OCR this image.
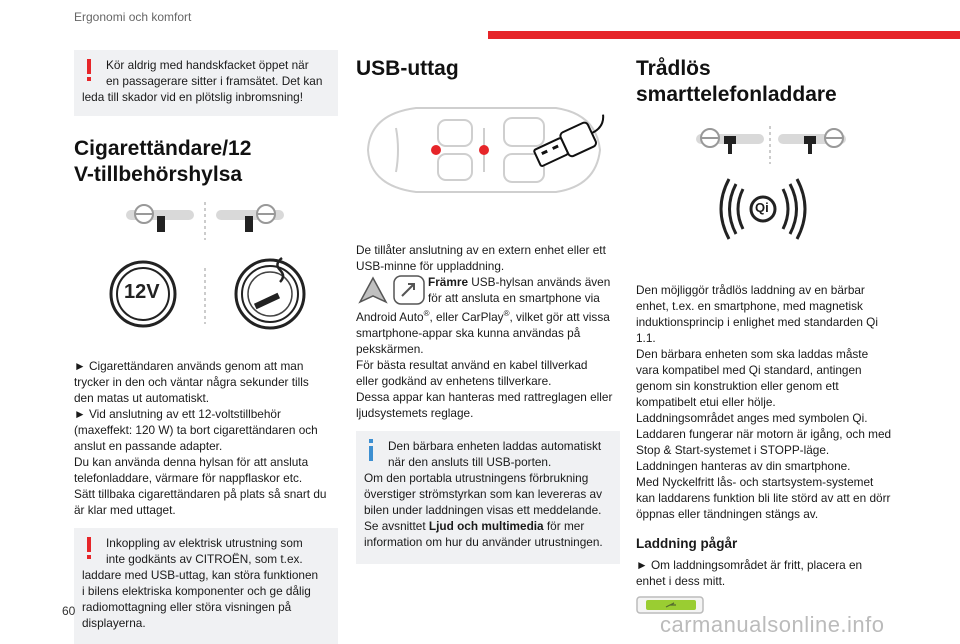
Ergonomi och komfort
Kör aldrig med handskfacket öppet när
en passagerare sitter i framsätet. Det kan
leda till skador vid en plötslig inbromsning!
Cigarettändare/12
V-tillbehörshylsa
12V

► Cigarettändaren används genom att man

trycker in den och väntar några sekunder tills

den matas ut automatiskt.

► Vid anslutning av ett 12-voltstillbehör

(maxeffekt: 120 W) ta bort cigarettändaren och

anslut en passande adapter.

Du kan använda denna hylsan för att ansluta

telefonladdare, värmare för nappflaskor etc.

Sätt tillbaka cigarettändaren på plats så snart du

är klar med uttaget.

Inkoppling av elektrisk utrustning som
inte godkänts av CITROËN, som t.ex.
laddare med USB-uttag, kan störa funktionen
i bilens elektriska komponenter och ge dålig
radiomottagning eller störa visningen på
displayerna.
USB-uttag

De tillåter anslutning av en extern enhet eller ett

USB-minne för uppladdning.

Främre USB-hylsan används även

för att ansluta en smartphone via

Android Auto®, eller CarPlay®, vilket gör att vissa

smartphone-appar ska kunna användas på

pekskärmen.

För bästa resultat använd en kabel tillverkad

eller godkänd av enhetens tillverkare.

Dessa appar kan hanteras med rattreglagen eller

ljudsystemets reglage.

Den bärbara enheten laddas automatiskt
när den ansluts till USB-porten.
Om den portabla utrustningens förbrukning
överstiger strömstyrkan som kan levereras av
bilen under laddningen visas ett meddelande.
Se avsnittet Ljud och multimedia för mer
information om hur du använder utrustningen.
Trådlös smarttelefonladdare
Qi

Den möjliggör trådlös laddning av en bärbar

enhet, t.ex. en smartphone, med magnetisk

induktionsprincip i enlighet med standarden Qi

1.1.

Den bärbara enheten som ska laddas måste

vara kompatibel med Qi standard, antingen

genom sin konstruktion eller genom ett

kompatibelt etui eller hölje.

Laddningsområdet anges med symbolen Qi.

Laddaren fungerar när motorn är igång, och med

Stop & Start-systemet i STOPP-läge.

Laddningen hanteras av din smartphone.

Med Nyckelfritt lås- och startsystem-systemet

kan laddarens funktion bli lite störd av att en dörr

öppnas eller tändningen stängs av.

Laddning pågår

► Om laddningsområdet är fritt, placera en

enhet i dess mitt.

60
carmanualsonline.info
